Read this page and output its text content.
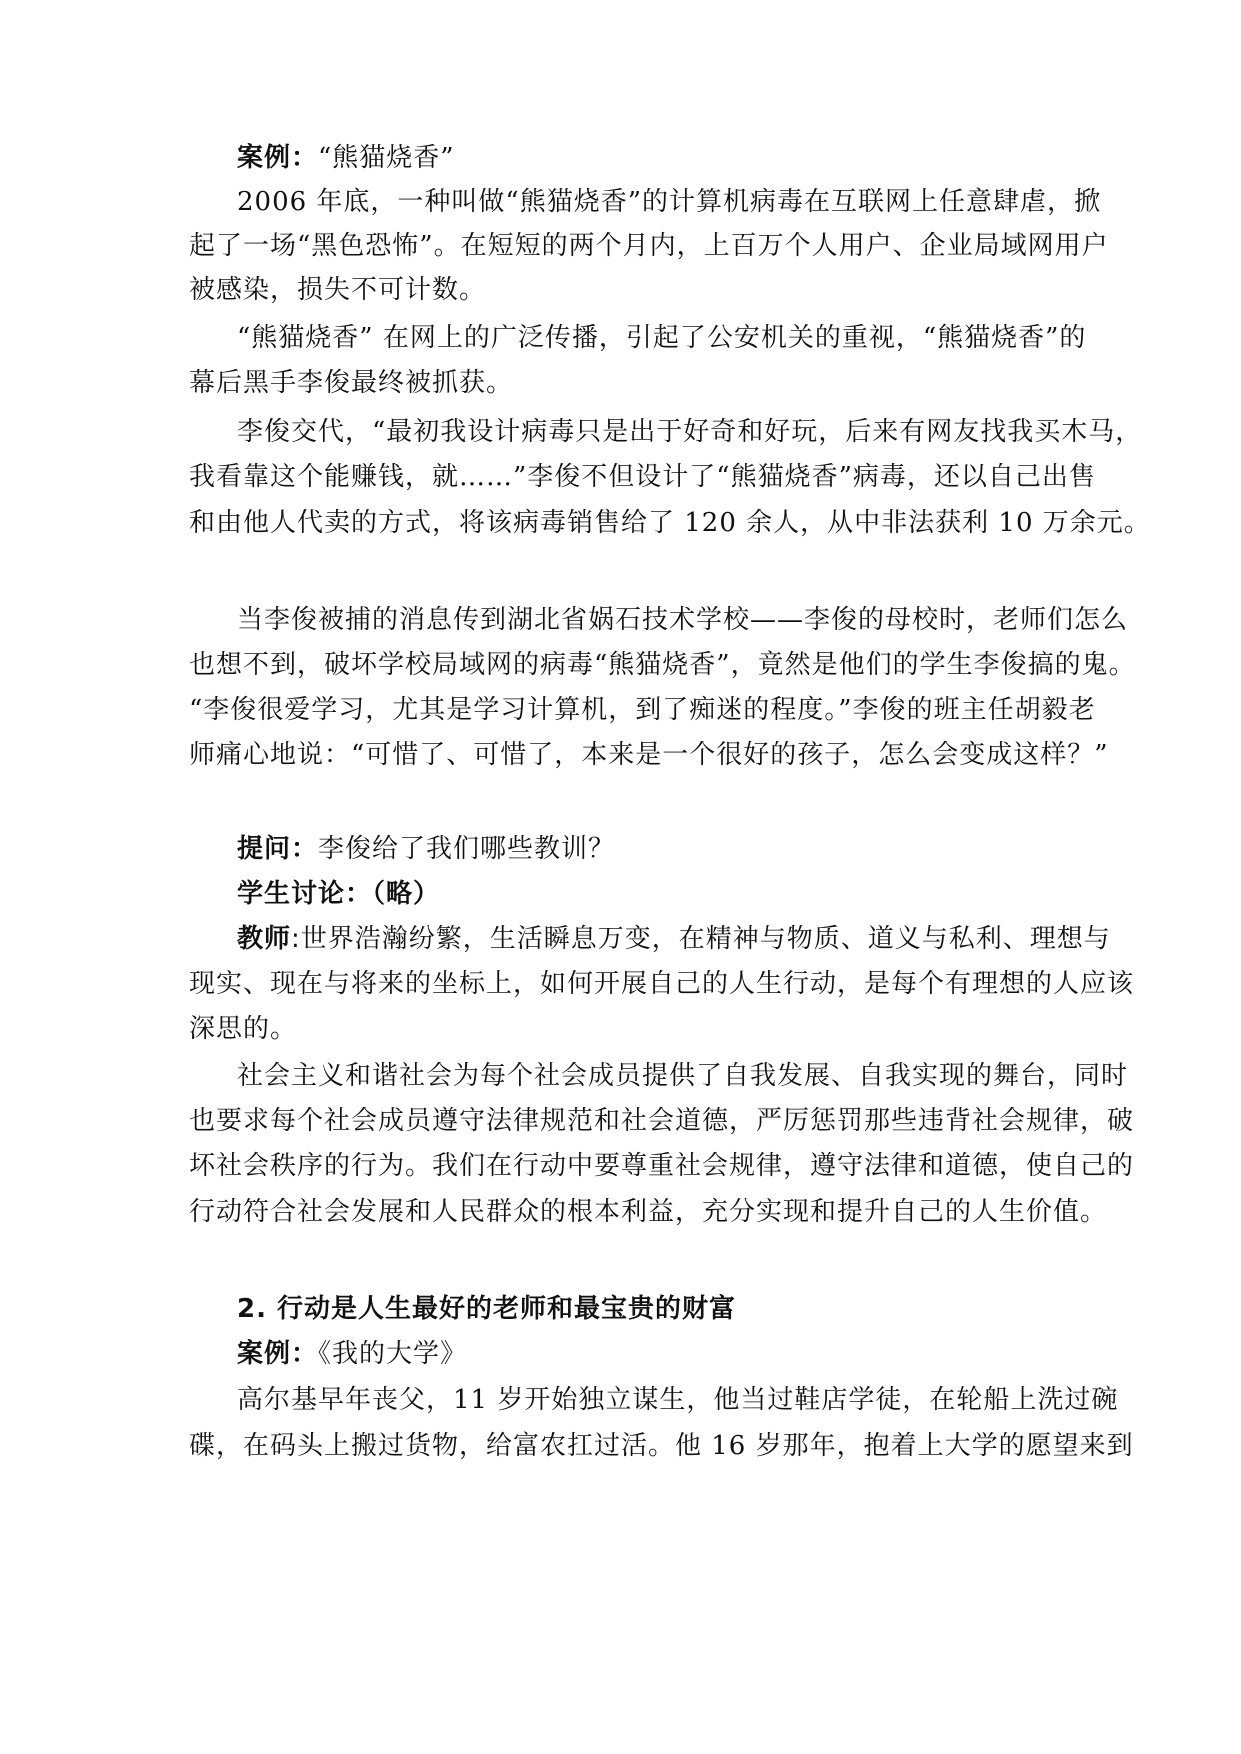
案例：“熊猫烧香”
2006 年底，一种叫做“熊猫烧香”的计算机病毒在互联网上任意肆虐，掀
起了一场“黑色恐怖”。在短短的两个月内，上百万个人用户、企业局域网用户
被感染，损失不可计数。
“熊猫烧香” 在网上的广泛传播，引起了公安机关的重视，“熊猫烧香”的
幕后黑手李俊最终被抓获。
李俊交代，“最初我设计病毒只是出于好奇和好玩，后来有网友找我买木马，
我看靠这个能赚钱，就……”李俊不但设计了“熊猫烧香”病毒，还以自己出售
和由他人代卖的方式，将该病毒销售给了 120 余人，从中非法获利 10 万余元。
当李俊被捕的消息传到湖北省娲石技术学校——李俊的母校时，老师们怎么
也想不到，破坏学校局域网的病毒“熊猫烧香”，竟然是他们的学生李俊搞的鬼。
“李俊很爱学习，尤其是学习计算机，到了痴迷的程度。”李俊的班主任胡毅老
师痛心地说：“可惜了、可惜了，本来是一个很好的孩子，怎么会变成这样？”
提问：李俊给了我们哪些教训？
学生讨论：（略）
教师:世界浩瀚纷繁，生活瞬息万变，在精神与物质、道义与私利、理想与
现实、现在与将来的坐标上，如何开展自己的人生行动，是每个有理想的人应该
深思的。
社会主义和谐社会为每个社会成员提供了自我发展、自我实现的舞台，同时
也要求每个社会成员遵守法律规范和社会道德，严厉惩罚那些违背社会规律，破
坏社会秩序的行为。我们在行动中要尊重社会规律，遵守法律和道德，使自己的
行动符合社会发展和人民群众的根本利益，充分实现和提升自己的人生价值。
2. 行动是人生最好的老师和最宝贵的财富
案例：《我的大学》
高尔基早年丧父，11 岁开始独立谋生，他当过鞋店学徒，在轮船上洗过碗
碟，在码头上搬过货物，给富农扛过活。他 16 岁那年，抱着上大学的愿望来到
